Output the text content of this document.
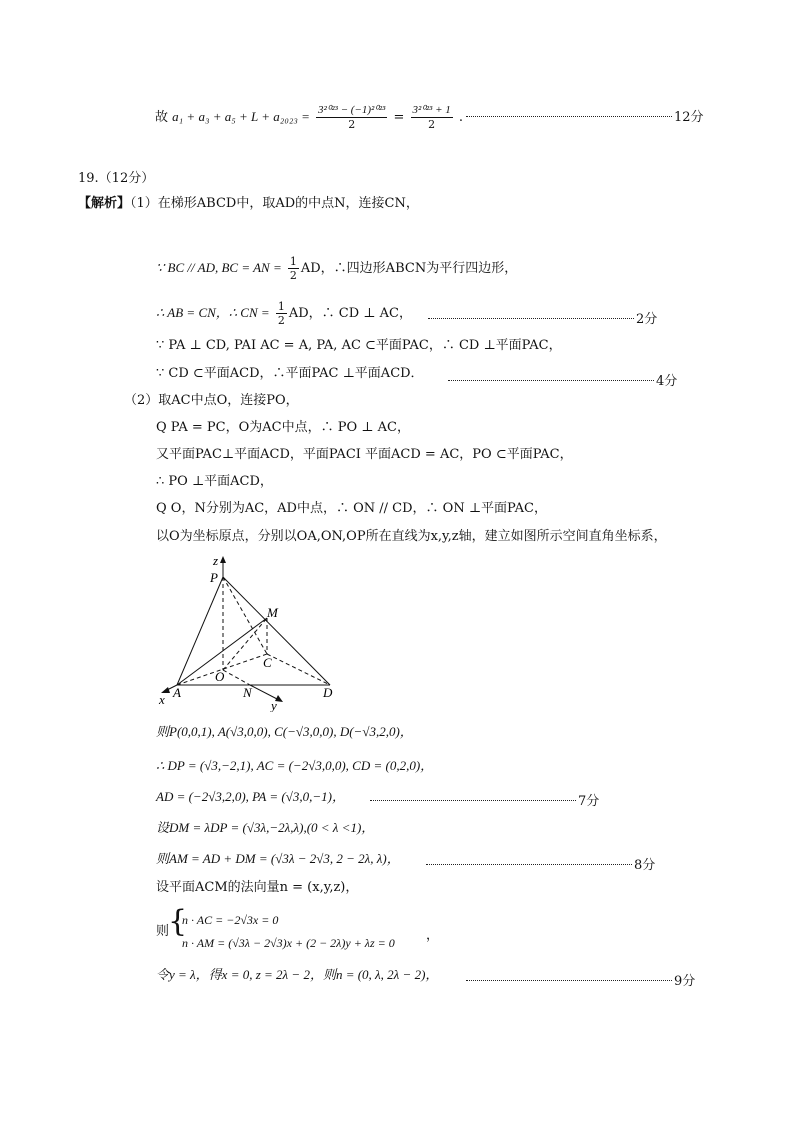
故 $a_1 + a_3 + a_5 + L + a_{2023} = \frac{\text{3²⁰²³ − (−1)²⁰²³}}{2} = \frac{\text{3²⁰²³ + 1}}{2}$ .	12分
19.（12分）
【解析】（1）在梯形ABCD中，取AD的中点N，连接CN，
∵ BC // AD, BC = AN = $\frac{1}{2}$ AD，∴四边形ABCN为平行四边形，
∴ AB = CN，∴ CN = $\frac{1}{2}$ AD，∴ CD ⊥ AC，	2分
∵ PA ⊥ CD, PAI AC = A, PA, AC ⊂平面PAC，∴ CD ⊥平面PAC，
∵ CD ⊂平面ACD，∴平面PAC ⊥平面ACD．
4分
（2）取AC中点O，连接PO，
Q PA = PC，O为AC中点，∴ PO ⊥ AC，
又平面PAC⊥平面ACD，平面PACI 平面ACD = AC，PO ⊂平面PAC，
∴ PO ⊥平面ACD，
Q O，N分别为AC，AD中点，∴ ON // CD，∴ ON ⊥平面PAC，
以O为坐标原点，分别以OA,ON,OP所在直线为x,y,z轴，建立如图所示空间直角坐标系，
z
P
M
C
O
A	N	D
x	y
则P(0,0,1), A(√3,0,0), C(−√3,0,0), D(−√3,2,0)，
∴ DP = (√3,−2,1), AC = (−2√3,0,0), CD = (0,2,0)，
AD = (−2√3,2,0), PA = (√3,0,−1)，	7分
设DM = λDP = (√3λ,−2λ,λ),(0 < λ <1)，
则AM = AD + DM = (√3λ − 2√3, 2 − 2λ, λ)，	8分
设平面ACM的法向量n = (x,y,z)，
则
{
n · AC = −2√3x = 0
n · AM = (√3λ − 2√3)x + (2 − 2λ)y + λz = 0 ，
令y = λ，得x = 0, z = 2λ − 2，则n = (0, λ, 2λ − 2)，	9分
